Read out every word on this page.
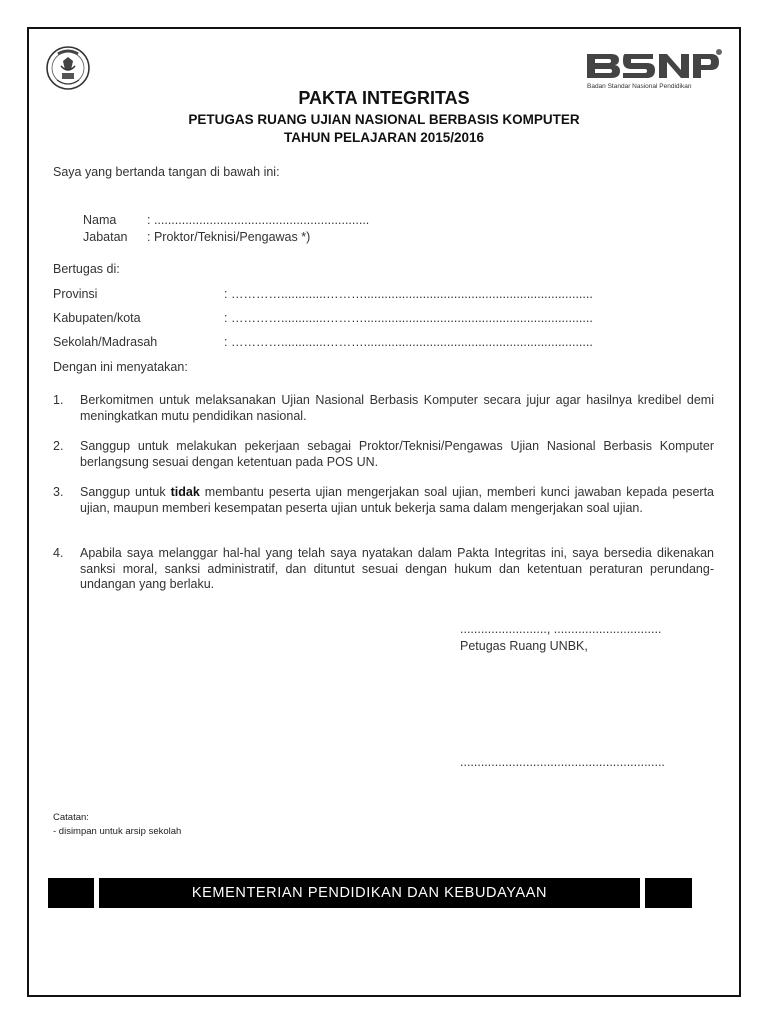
Badan Standar Nasional Pendidikan
PAKTA INTEGRITAS
PETUGAS RUANG UJIAN NASIONAL BERBASIS KOMPUTER
TAHUN PELAJARAN 2015/2016
Saya yang bertanda tangan di bawah ini:
Nama : ..............................................................
Jabatan : Proktor/Teknisi/Pengawas *)
Bertugas di:
Provinsi	: ………….............………..................................................................
Kabupaten/kota	: ………….............………..................................................................
Sekolah/Madrasah	: ………….............………..................................................................
Dengan ini menyatakan:
1. Berkomitmen untuk melaksanakan Ujian Nasional Berbasis Komputer secara jujur agar hasilnya kredibel demi meningkatkan mutu pendidikan nasional.
2. Sanggup untuk melakukan pekerjaan sebagai Proktor/Teknisi/Pengawas Ujian Nasional Berbasis Komputer berlangsung sesuai dengan ketentuan pada POS UN.
3. Sanggup untuk tidak membantu peserta ujian mengerjakan soal ujian, memberi kunci jawaban kepada peserta ujian, maupun memberi kesempatan peserta ujian untuk bekerja sama dalam mengerjakan soal ujian.
4. Apabila saya melanggar hal-hal yang telah saya nyatakan dalam Pakta Integritas ini, saya bersedia dikenakan sanksi moral, sanksi administratif, dan dituntut sesuai dengan hukum dan ketentuan peraturan perundang-undangan yang berlaku.
........................., ...............................
Petugas Ruang UNBK,
...........................................................
Catatan:
- disimpan untuk arsip sekolah
KEMENTERIAN PENDIDIKAN DAN KEBUDAYAAN
